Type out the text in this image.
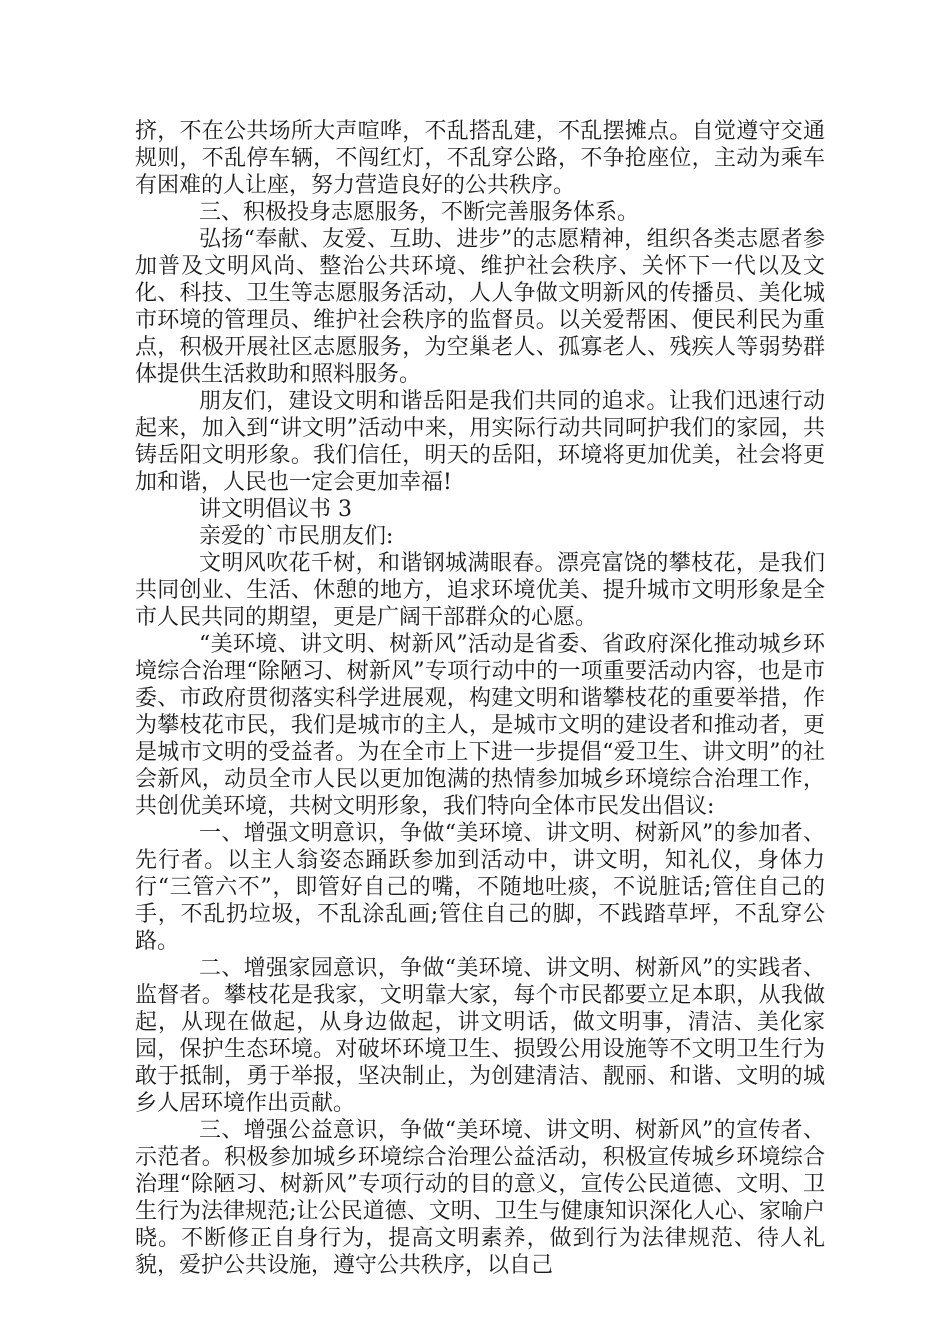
挤，不在公共场所大声喧哗，不乱搭乱建，不乱摆摊点。自觉遵守交通规则，不乱停车辆，不闯红灯，不乱穿公路，不争抢座位，主动为乘车有困难的人让座，努力营造良好的公共秩序。

三、积极投身志愿服务，不断完善服务体系。

弘扬“奉献、友爱、互助、进步”的志愿精神，组织各类志愿者参加普及文明风尚、整治公共环境、维护社会秩序、关怀下一代以及文化、科技、卫生等志愿服务活动，人人争做文明新风的传播员、美化城市环境的管理员、维护社会秩序的监督员。以关爱帮困、便民利民为重点，积极开展社区志愿服务，为空巢老人、孤寡老人、残疾人等弱势群体提供生活救助和照料服务。

朋友们，建设文明和谐岳阳是我们共同的追求。让我们迅速行动起来，加入到“讲文明”活动中来，用实际行动共同呵护我们的家园，共铸岳阳文明形象。我们信任，明天的岳阳，环境将更加优美，社会将更加和谐，人民也一定会更加幸福!

讲文明倡议书 3

亲爱的`市民朋友们:

文明风吹花千树，和谐钢城满眼春。漂亮富饶的攀枝花，是我们共同创业、生活、休憩的地方，追求环境优美、提升城市文明形象是全市人民共同的期望，更是广阔干部群众的心愿。

“美环境、讲文明、树新风”活动是省委、省政府深化推动城乡环境综合治理“除陋习、树新风”专项行动中的一项重要活动内容，也是市委、市政府贯彻落实科学进展观，构建文明和谐攀枝花的重要举措，作为攀枝花市民，我们是城市的主人，是城市文明的建设者和推动者，更是城市文明的受益者。为在全市上下进一步提倡“爱卫生、讲文明”的社会新风，动员全市人民以更加饱满的热情参加城乡环境综合治理工作，共创优美环境，共树文明形象，我们特向全体市民发出倡议:

一、增强文明意识，争做“美环境、讲文明、树新风”的参加者、先行者。以主人翁姿态踊跃参加到活动中，讲文明，知礼仪，身体力行“三管六不”，即管好自己的嘴，不随地吐痰，不说脏话;管住自己的手，不乱扔垃圾，不乱涂乱画;管住自己的脚，不践踏草坪，不乱穿公路。

二、增强家园意识，争做“美环境、讲文明、树新风”的实践者、监督者。攀枝花是我家，文明靠大家，每个市民都要立足本职，从我做起，从现在做起，从身边做起，讲文明话，做文明事，清洁、美化家园，保护生态环境。对破坏环境卫生、损毁公用设施等不文明卫生行为敢于抵制，勇于举报，坚决制止，为创建清洁、靓丽、和谐、文明的城乡人居环境作出贡献。

三、增强公益意识，争做“美环境、讲文明、树新风”的宣传者、示范者。积极参加城乡环境综合治理公益活动，积极宣传城乡环境综合治理“除陋习、树新风”专项行动的目的意义，宣传公民道德、文明、卫生行为法律规范;让公民道德、文明、卫生与健康知识深化人心、家喻户晓。不断修正自身行为，提高文明素养，做到行为法律规范、待人礼貌，爱护公共设施，遵守公共秩序，以自己
